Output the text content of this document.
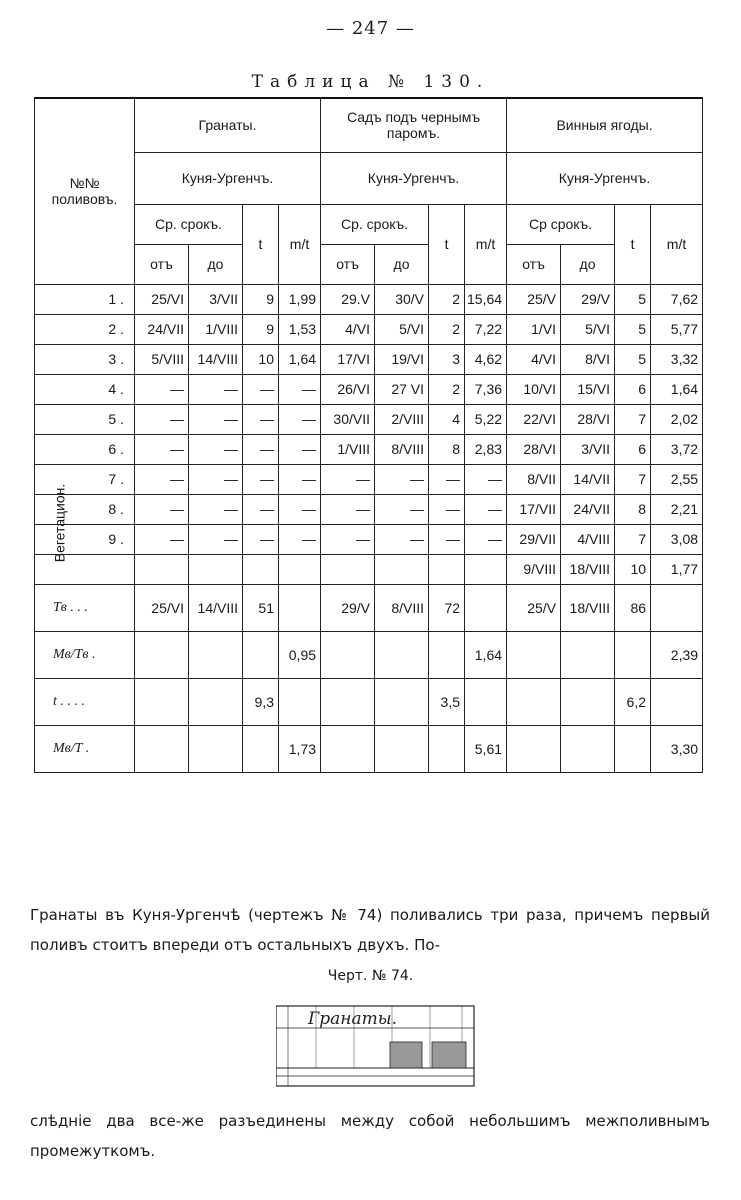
— 247 —
Таблица № 130.
№№ поливовъ.	Гранаты.				Садъ подъ чернымъ паромъ.				Винныя ягоды.			
	Куня-Ургенчъ.				Куня-Ургенчъ.				Куня-Ургенчъ.			
	Ср. срокъ.		t	m/t	Ср. срокъ.		t	m/t	Ср срокъ.		t	m/t
	отъ	до			отъ	до			отъ	до		
1 .	25/VI	3/VII	9	1,99	29.V	30/V	2	15,64	25/V	29/V	5	7,62
2 .	24/VII	1/VIII	9	1,53	4/VI	5/VI	2	7,22	1/VI	5/VI	5	5,77
3 .	5/VIII	14/VIII	10	1,64	17/VI	19/VI	3	4,62	4/VI	8/VI	5	3,32
4 .	—	—	—	—	26/VI	27 VI	2	7,36	10/VI	15/VI	6	1,64
5 .	—	—	—	—	30/VII	2/VIII	4	5,22	22/VI	28/VI	7	2,02
6 .	—	—	—	—	1/VIII	8/VIII	8	2,83	28/VI	3/VII	6	3,72
7 .	—	—	—	—	—	—	—	—	8/VII	14/VII	7	2,55
8 .	—	—	—	—	—	—	—	—	17/VII	24/VII	8	2,21
9 .	—	—	—	—	—	—	—	—	29/VII	4/VIII	7	3,08
									9/VIII	18/VIII	10	1,77
Tв . . .	25/VI	14/VIII	51		29/V	8/VIII	72		25/V	18/VIII	86	
Mв/Tв .				0,95				1,64				2,39
t . . . .			9,3				3,5				6,2	
Mв/T .				1,73				5,61				3,30
Гранаты въ Куня-Ургенчѣ (чертежъ № 74) поливались три раза, причемъ первый поливъ стоитъ впереди отъ остальныхъ двухъ. По-
Черт. № 74.
Гранаты.
слѣдніе два все-же разъединены между собой небольшимъ межполивнымъ промежуткомъ.
Вегетацион.
